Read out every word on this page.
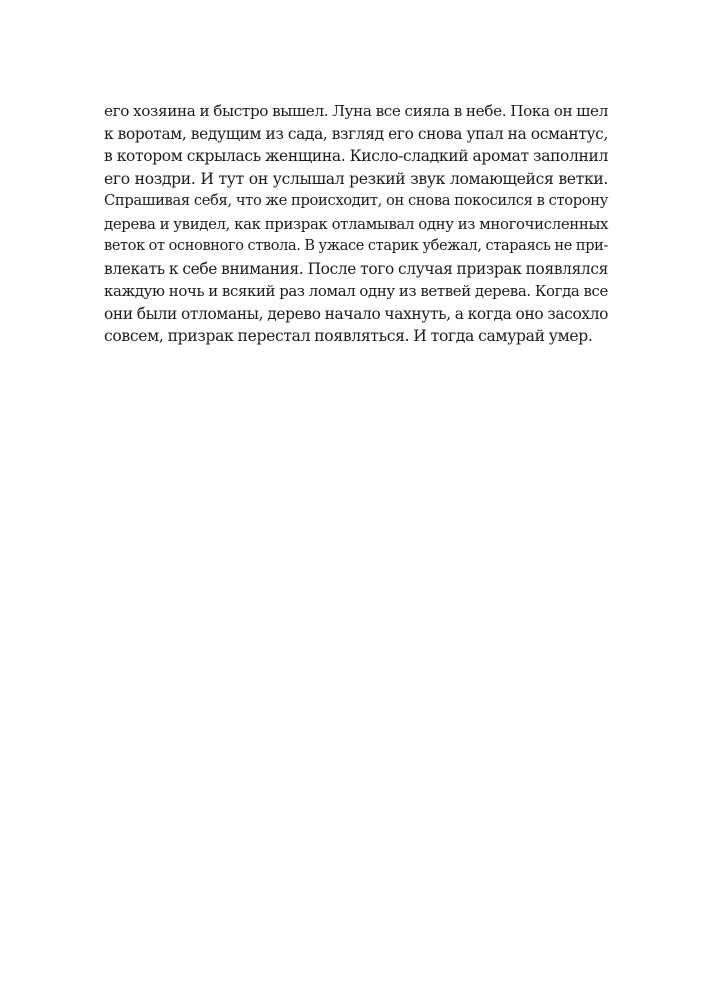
его хозяина и быстро вышел. Луна все сияла в небе. Пока он шел
к воротам, ведущим из сада, взгляд его снова упал на османтус,
в котором скрылась женщина. Кисло-сладкий аромат заполнил
его ноздри. И тут он услышал резкий звук ломающейся ветки.
Спрашивая себя, что же происходит, он снова покосился в сторону
дерева и увидел, как призрак отламывал одну из многочисленных
веток от основного ствола. В ужасе старик убежал, стараясь не при-
влекать к себе внимания. После того случая призрак появлялся
каждую ночь и всякий раз ломал одну из ветвей дерева. Когда все
они были отломаны, дерево начало чахнуть, а когда оно засохло
совсем, призрак перестал появляться. И тогда самурай умер.
